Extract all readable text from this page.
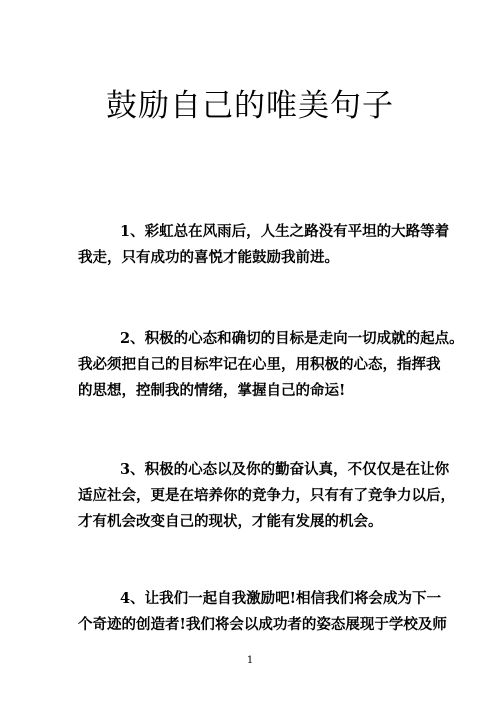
鼓励自己的唯美句子
1、彩虹总在风雨后，人生之路没有平坦的大路等着
我走，只有成功的喜悦才能鼓励我前进。
2、积极的心态和确切的目标是走向一切成就的起点。
我必须把自己的目标牢记在心里，用积极的心态，指挥我
的思想，控制我的情绪，掌握自己的命运!
3、积极的心态以及你的勤奋认真，不仅仅是在让你
适应社会，更是在培养你的竞争力，只有有了竞争力以后，
才有机会改变自己的现状，才能有发展的机会。
4、让我们一起自我激励吧!相信我们将会成为下一
个奇迹的创造者!我们将会以成功者的姿态展现于学校及师
1
